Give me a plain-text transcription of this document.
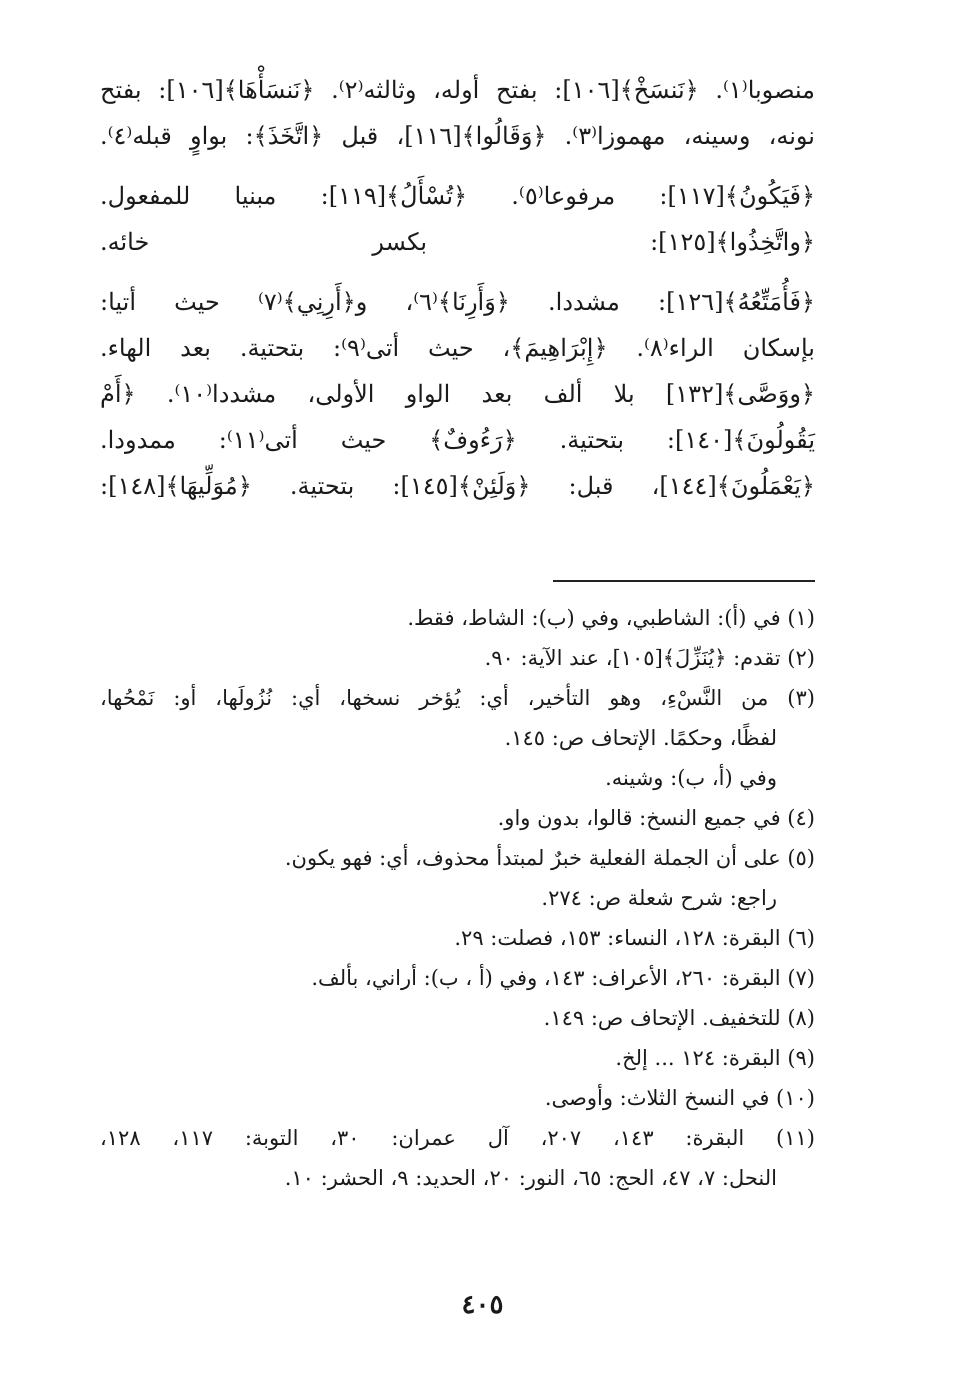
منصوبا⁽١⁾. ﴿نَنسَخْ﴾[١٠٦]: بفتح أوله، وثالثه⁽٢⁾. ﴿نَنسَأْهَا﴾[١٠٦]: بفتح
نونه، وسينه، مهموزا⁽٣⁾. ﴿وَقَالُوا﴾[١١٦]، قبل ﴿اتَّخَذَ﴾: بواوٍ قبله⁽٤⁾.
﴿فَيَكُونُ﴾[١١٧]: مرفوعا⁽٥⁾. ﴿تُسْأَلُ﴾[١١٩]: مبنيا للمفعول.
﴿واتَّخِذُوا﴾[١٢٥]: بكسر خائه.
﴿فَأُمَتِّعُهُ﴾[١٢٦]: مشددا. ﴿وَأَرِنَا﴾⁽٦⁾، و﴿أَرِنِي﴾⁽٧⁾ حيث أتيا:
بإسكان الراء⁽٨⁾. ﴿إِبْرَاهِيمَ﴾، حيث أتى⁽٩⁾: بتحتية. بعد الهاء.
﴿ووَصَّى﴾[١٣٢] بلا ألف بعد الواو الأولى، مشددا⁽١٠⁾. ﴿أَمْ
يَقُولُونَ﴾[١٤٠]: بتحتية. ﴿رَءُوفٌ﴾ حيث أتى⁽١١⁾: ممدودا.
﴿يَعْمَلُونَ﴾[١٤٤]، قبل: ﴿وَلَئِنْ﴾[١٤٥]: بتحتية. ﴿مُوَلِّيهَا﴾[١٤٨]:
(١) في (أ): الشاطبي، وفي (ب): الشاط، فقط.
(٢) تقدم: ﴿يُنَزِّلَ﴾[١٠٥]، عند الآية: ٩٠.
(٣) من النَّسْءِ، وهو التأخير، أي: يُؤخر نسخها، أي: نُزُولَها، أو: نَمْحُها،
لفظًا، وحكمًا. الإتحاف ص: ١٤٥.
وفي (أ، ب): وشينه.
(٤) في جميع النسخ: قالوا، بدون واو.
(٥) على أن الجملة الفعلية خبرٌ لمبتدأ محذوف، أي: فهو يكون.
راجع: شرح شعلة ص: ٢٧٤.
(٦) البقرة: ١٢٨، النساء: ١٥٣، فصلت: ٢٩.
(٧) البقرة: ٢٦٠، الأعراف: ١٤٣، وفي (أ ، ب): أراني، بألف.
(٨) للتخفيف. الإتحاف ص: ١٤٩.
(٩) البقرة: ١٢٤ ... إلخ.
(١٠) في النسخ الثلاث: وأوصى.
(١١) البقرة: ١٤٣، ٢٠٧، آل عمران: ٣٠، التوبة: ١١٧، ١٢٨،
النحل: ٧، ٤٧، الحج: ٦٥، النور: ٢٠، الحديد: ٩، الحشر: ١٠.
٤٠٥
